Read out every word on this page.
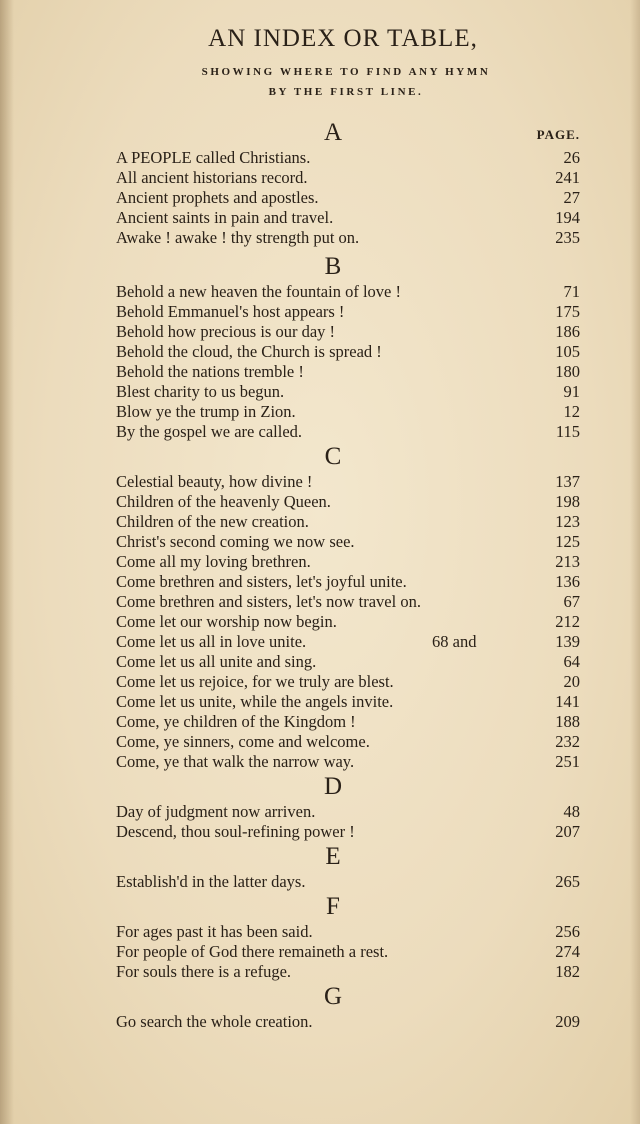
AN INDEX OR TABLE,
SHOWING WHERE TO FIND ANY HYMN
BY THE FIRST LINE.
A	PAGE.
A PEOPLE called Christians.	26
All ancient historians record.	241
Ancient prophets and apostles.	27
Ancient saints in pain and travel.	194
Awake ! awake ! thy strength put on.	235
B
Behold a new heaven the fountain of love !	71
Behold Emmanuel's host appears !	175
Behold how precious is our day !	186
Behold the cloud, the Church is spread !	105
Behold the nations tremble !	180
Blest charity to us begun.	91
Blow ye the trump in Zion.	12
By the gospel we are called.	115
C
Celestial beauty, how divine !	137
Children of the heavenly Queen.	198
Children of the new creation.	123
Christ's second coming we now see.	125
Come all my loving brethren.	213
Come brethren and sisters, let's joyful unite.	136
Come brethren and sisters, let's now travel on.	67
Come let our worship now begin.	212
Come let us all in love unite.	68 and	139
Come let us all unite and sing.	64
Come let us rejoice, for we truly are blest.	20
Come let us unite, while the angels invite.	141
Come, ye children of the Kingdom !	188
Come, ye sinners, come and welcome.	232
Come, ye that walk the narrow way.	251
D
Day of judgment now arriven.	48
Descend, thou soul-refining power !	207
E
Establish'd in the latter days.	265
F
For ages past it has been said.	256
For people of God there remaineth a rest.	274
For souls there is a refuge.	182
G
Go search the whole creation.	209
